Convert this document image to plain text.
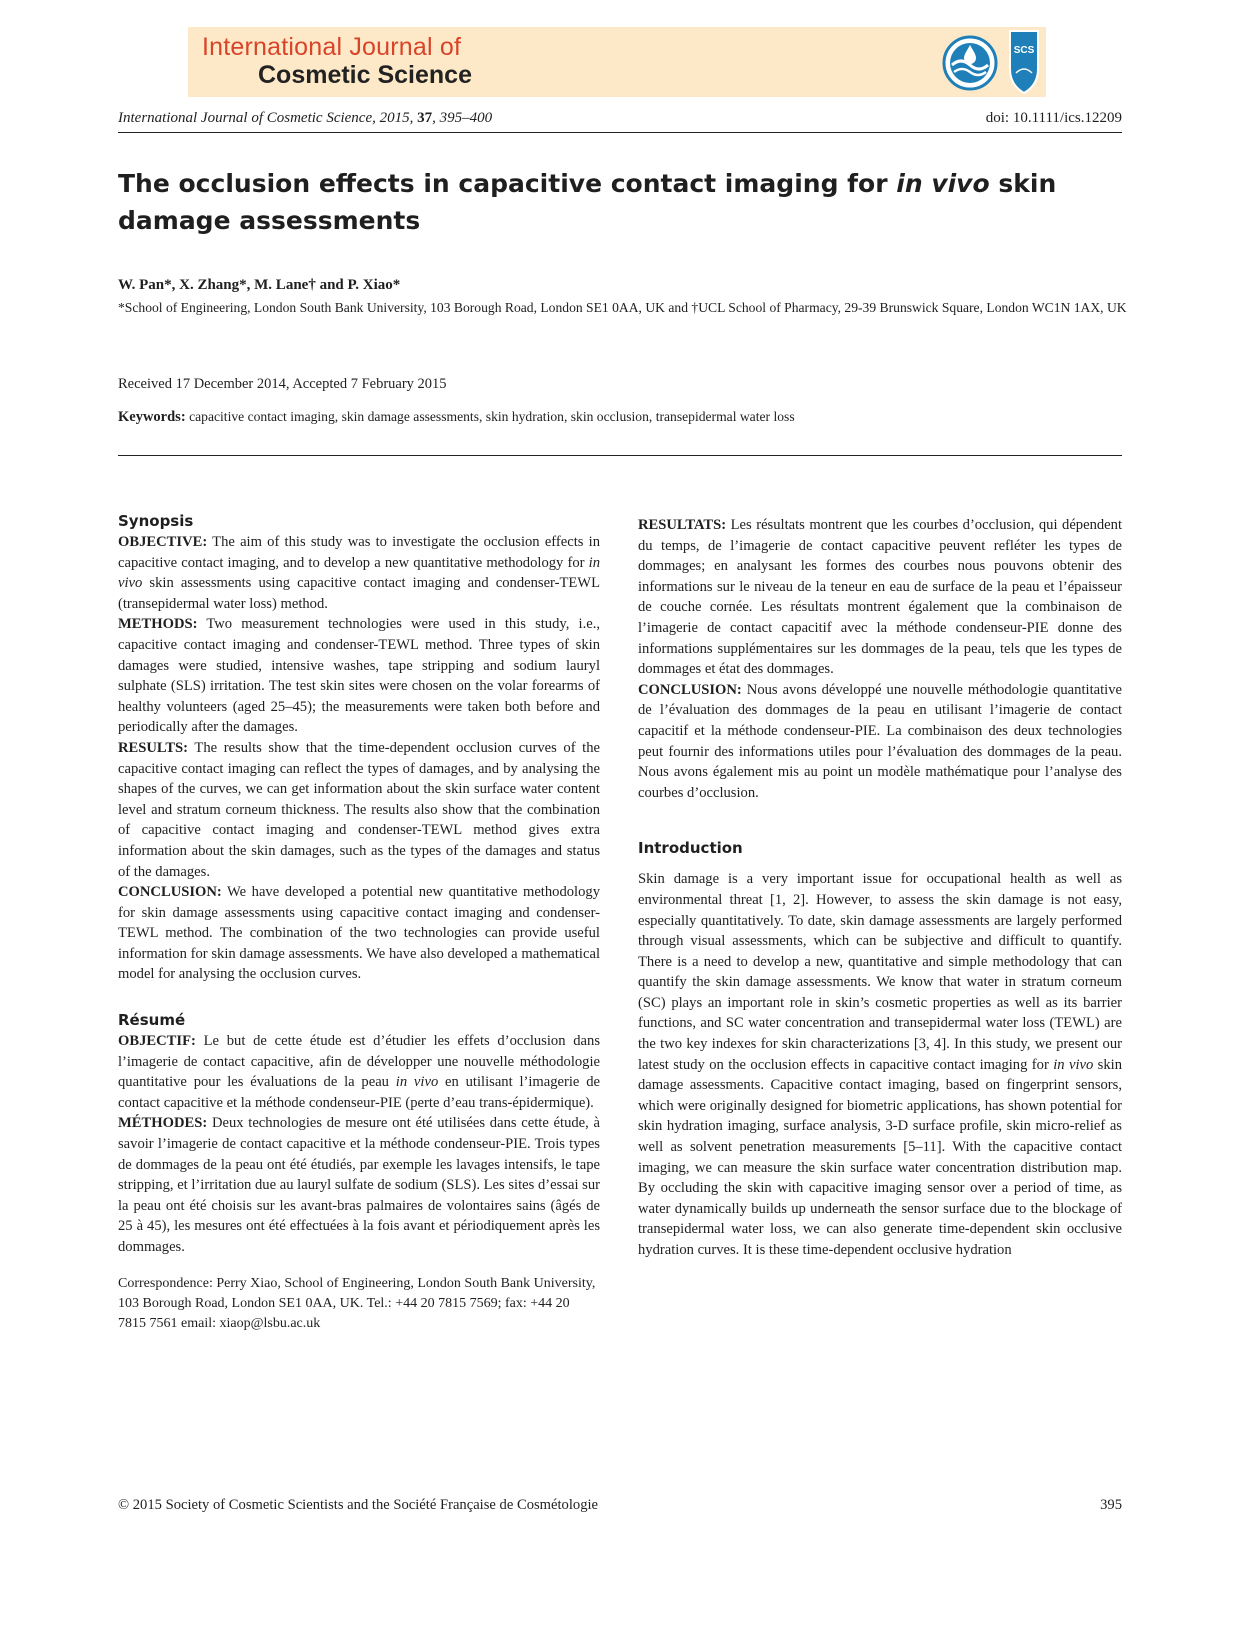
International Journal of
Cosmetic Science
SCS
International Journal of Cosmetic Science, 2015, 37, 395–400	doi: 10.1111/ics.12209
The occlusion effects in capacitive contact imaging for in vivo skin damage assessments
W. Pan*, X. Zhang*, M. Lane† and P. Xiao*
*School of Engineering, London South Bank University, 103 Borough Road, London SE1 0AA, UK and †UCL School of Pharmacy, 29-39 Brunswick Square, London WC1N 1AX, UK
Received 17 December 2014, Accepted 7 February 2015
Keywords: capacitive contact imaging, skin damage assessments, skin hydration, skin occlusion, transepidermal water loss

Synopsis

OBJECTIVE: The aim of this study was to investigate the occlusion effects in capacitive contact imaging, and to develop a new quantitative methodology for in vivo skin assessments using capacitive contact imaging and condenser-TEWL (transepidermal water loss) method.

METHODS: Two measurement technologies were used in this study, i.e., capacitive contact imaging and condenser-TEWL method. Three types of skin damages were studied, intensive washes, tape stripping and sodium lauryl sulphate (SLS) irritation. The test skin sites were chosen on the volar forearms of healthy volunteers (aged 25–45); the measurements were taken both before and periodically after the damages.

RESULTS: The results show that the time-dependent occlusion curves of the capacitive contact imaging can reflect the types of damages, and by analysing the shapes of the curves, we can get information about the skin surface water content level and stratum corneum thickness. The results also show that the combination of capacitive contact imaging and condenser-TEWL method gives extra information about the skin damages, such as the types of the damages and status of the damages.

CONCLUSION: We have developed a potential new quantitative methodology for skin damage assessments using capacitive contact imaging and condenser-TEWL method. The combination of the two technologies can provide useful information for skin damage assessments. We have also developed a mathematical model for analysing the occlusion curves.

Résumé

OBJECTIF: Le but de cette étude est d’étudier les effets d’occlusion dans l’imagerie de contact capacitive, afin de développer une nouvelle méthodologie quantitative pour les évaluations de la peau in vivo en utilisant l’imagerie de contact capacitive et la méthode condenseur-PIE (perte d’eau trans-épidermique).

MÉTHODES: Deux technologies de mesure ont été utilisées dans cette étude, à savoir l’imagerie de contact capacitive et la méthode condenseur-PIE. Trois types de dommages de la peau ont été étudiés, par exemple les lavages intensifs, le tape stripping, et l’irritation due au lauryl sulfate de sodium (SLS). Les sites d’essai sur la peau ont été choisis sur les avant-bras palmaires de volontaires sains (âgés de 25 à 45), les mesures ont été effectuées à la fois avant et périodiquement après les dommages.

Correspondence: Perry Xiao, School of Engineering, London South Bank University, 103 Borough Road, London SE1 0AA, UK. Tel.: +44 20 7815 7569; fax: +44 20 7815 7561 email: xiaop@lsbu.ac.uk

RESULTATS: Les résultats montrent que les courbes d’occlusion, qui dépendent du temps, de l’imagerie de contact capacitive peuvent refléter les types de dommages; en analysant les formes des courbes nous pouvons obtenir des informations sur le niveau de la teneur en eau de surface de la peau et l’épaisseur de couche cornée. Les résultats montrent également que la combinaison de l’imagerie de contact capacitif avec la méthode condenseur-PIE donne des informations supplémentaires sur les dommages de la peau, tels que les types de dommages et état des dommages.

CONCLUSION: Nous avons développé une nouvelle méthodologie quantitative de l’évaluation des dommages de la peau en utilisant l’imagerie de contact capacitif et la méthode condenseur-PIE. La combinaison des deux technologies peut fournir des informations utiles pour l’évaluation des dommages de la peau. Nous avons également mis au point un modèle mathématique pour l’analyse des courbes d’occlusion.

Introduction

Skin damage is a very important issue for occupational health as well as environmental threat [1, 2]. However, to assess the skin damage is not easy, especially quantitatively. To date, skin damage assessments are largely performed through visual assessments, which can be subjective and difficult to quantify. There is a need to develop a new, quantitative and simple methodology that can quantify the skin damage assessments. We know that water in stratum corneum (SC) plays an important role in skin’s cosmetic properties as well as its barrier functions, and SC water concentration and transepidermal water loss (TEWL) are the two key indexes for skin characterizations [3, 4]. In this study, we present our latest study on the occlusion effects in capacitive contact imaging for in vivo skin damage assessments. Capacitive contact imaging, based on fingerprint sensors, which were originally designed for biometric applications, has shown potential for skin hydration imaging, surface analysis, 3-D surface profile, skin micro-relief as well as solvent penetration measurements [5–11]. With the capacitive contact imaging, we can measure the skin surface water concentration distribution map. By occluding the skin with capacitive imaging sensor over a period of time, as water dynamically builds up underneath the sensor surface due to the blockage of transepidermal water loss, we can also generate time-dependent skin occlusive hydration curves. It is these time-dependent occlusive hydration

© 2015 Society of Cosmetic Scientists and the Société Française de Cosmétologie	395
